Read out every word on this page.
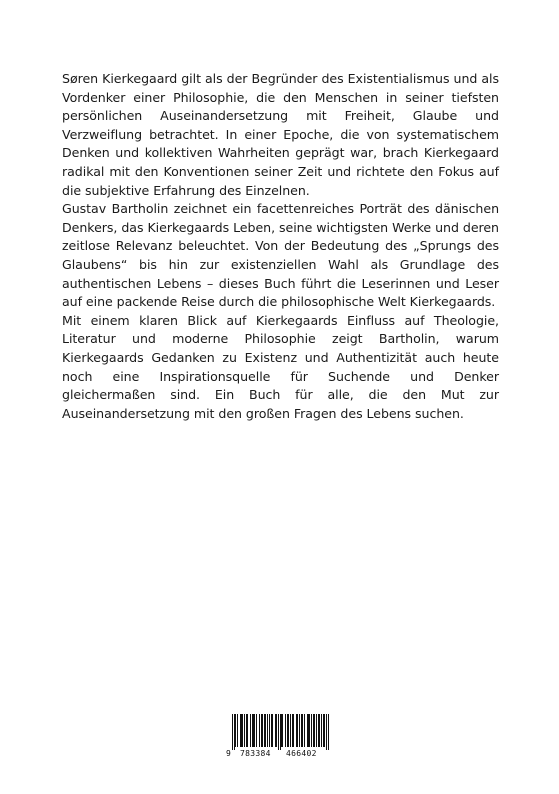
Søren Kierkegaard gilt als der Begründer des Existentialismus und als Vordenker einer Philosophie, die den Menschen in seiner tiefsten persönlichen Auseinandersetzung mit Freiheit, Glaube und Verzweiflung betrachtet. In einer Epoche, die von systematischem Denken und kollektiven Wahrheiten geprägt war, brach Kierkegaard radikal mit den Konventionen seiner Zeit und richtete den Fokus auf die subjektive Erfahrung des Einzelnen.

Gustav Bartholin zeichnet ein facettenreiches Porträt des dänischen Denkers, das Kierkegaards Leben, seine wichtigsten Werke und deren zeitlose Relevanz beleuchtet. Von der Bedeutung des „Sprungs des Glaubens“ bis hin zur existenziellen Wahl als Grundlage des authentischen Lebens – dieses Buch führt die Leserinnen und Leser auf eine packende Reise durch die philosophische Welt Kierkegaards.

Mit einem klaren Blick auf Kierkegaards Einfluss auf Theologie, Literatur und moderne Philosophie zeigt Bartholin, warum Kierkegaards Gedanken zu Existenz und Authentizität auch heute noch eine Inspirationsquelle für Suchende und Denker gleichermaßen sind. Ein Buch für alle, die den Mut zur Auseinandersetzung mit den großen Fragen des Lebens suchen.

9 783384 466402
